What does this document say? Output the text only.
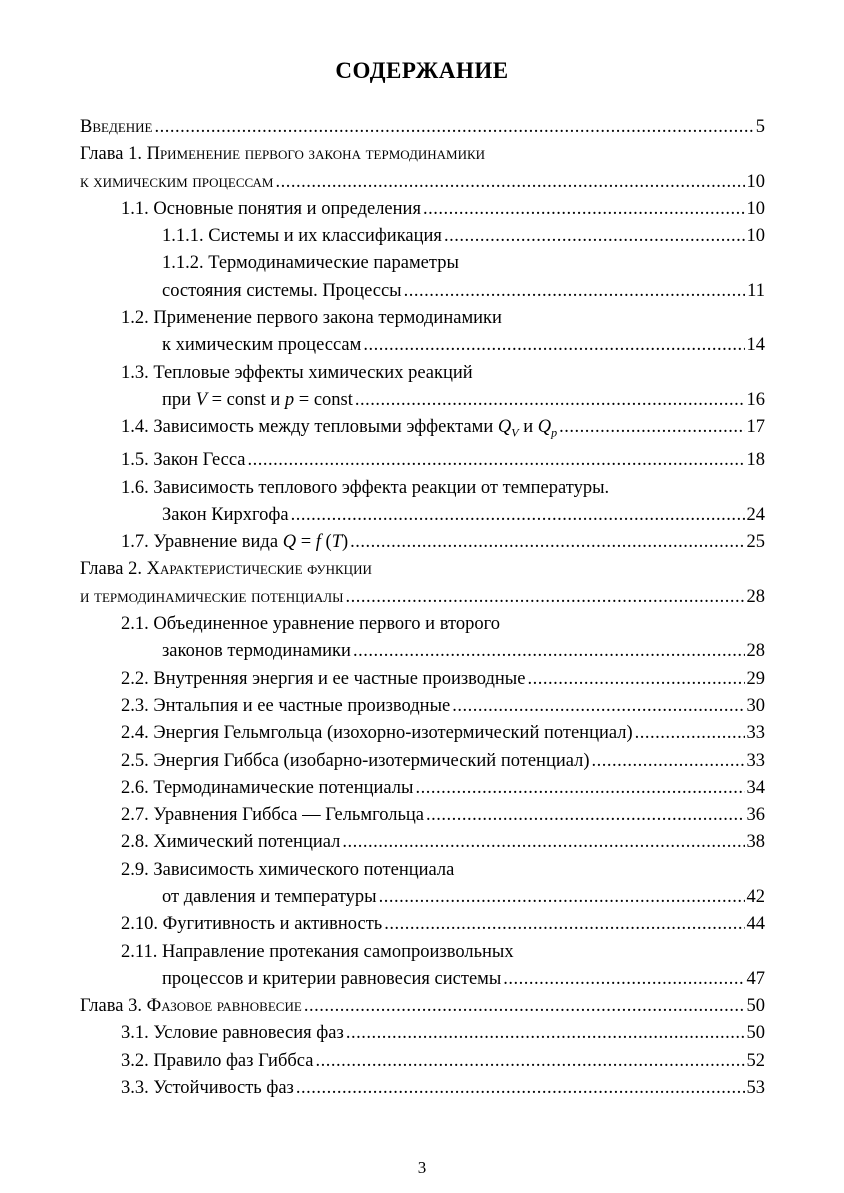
СОДЕРЖАНИЕ
Введение .....	5
Глава 1. Применение первого закона термодинамики
к химическим процессам .....	10
1.1. Основные понятия и определения .....	10
1.1.1. Системы и их классификация .....	10
1.1.2. Термодинамические параметры
состояния системы. Процессы .....	11
1.2. Применение первого закона термодинамики
к химическим процессам .....	14
1.3. Тепловые эффекты химических реакций
при V = const и p = const .....	16
1.4. Зависимость между тепловыми эффектами $Q_V$ и $Q_p$ .....	17
1.5. Закон Гесса .....	18
1.6. Зависимость теплового эффекта реакции от температуры.
Закон Кирхгофа .....	24
1.7. Уравнение вида Q = f (T) .....	25
Глава 2. Характеристические функции
и термодинамические потенциалы .....	28
2.1. Объединенное уравнение первого и второго
законов термодинамики .....	28
2.2. Внутренняя энергия и ее частные производные .....	29
2.3. Энтальпия и ее частные производные .....	30
2.4. Энергия Гельмгольца (изохорно-изотермический потенциал) .....	33
2.5. Энергия Гиббса (изобарно-изотермический потенциал) .....	33
2.6. Термодинамические потенциалы .....	34
2.7. Уравнения Гиббса — Гельмгольца .....	36
2.8. Химический потенциал .....	38
2.9. Зависимость химического потенциала
от давления и температуры .....	42
2.10. Фугитивность и активность .....	44
2.11. Направление протекания самопроизвольных
процессов и критерии равновесия системы .....	47
Глава 3. Фазовое равновесие .....	50
3.1. Условие равновесия фаз .....	50
3.2. Правило фаз Гиббса .....	52
3.3. Устойчивость фаз .....	53
3
